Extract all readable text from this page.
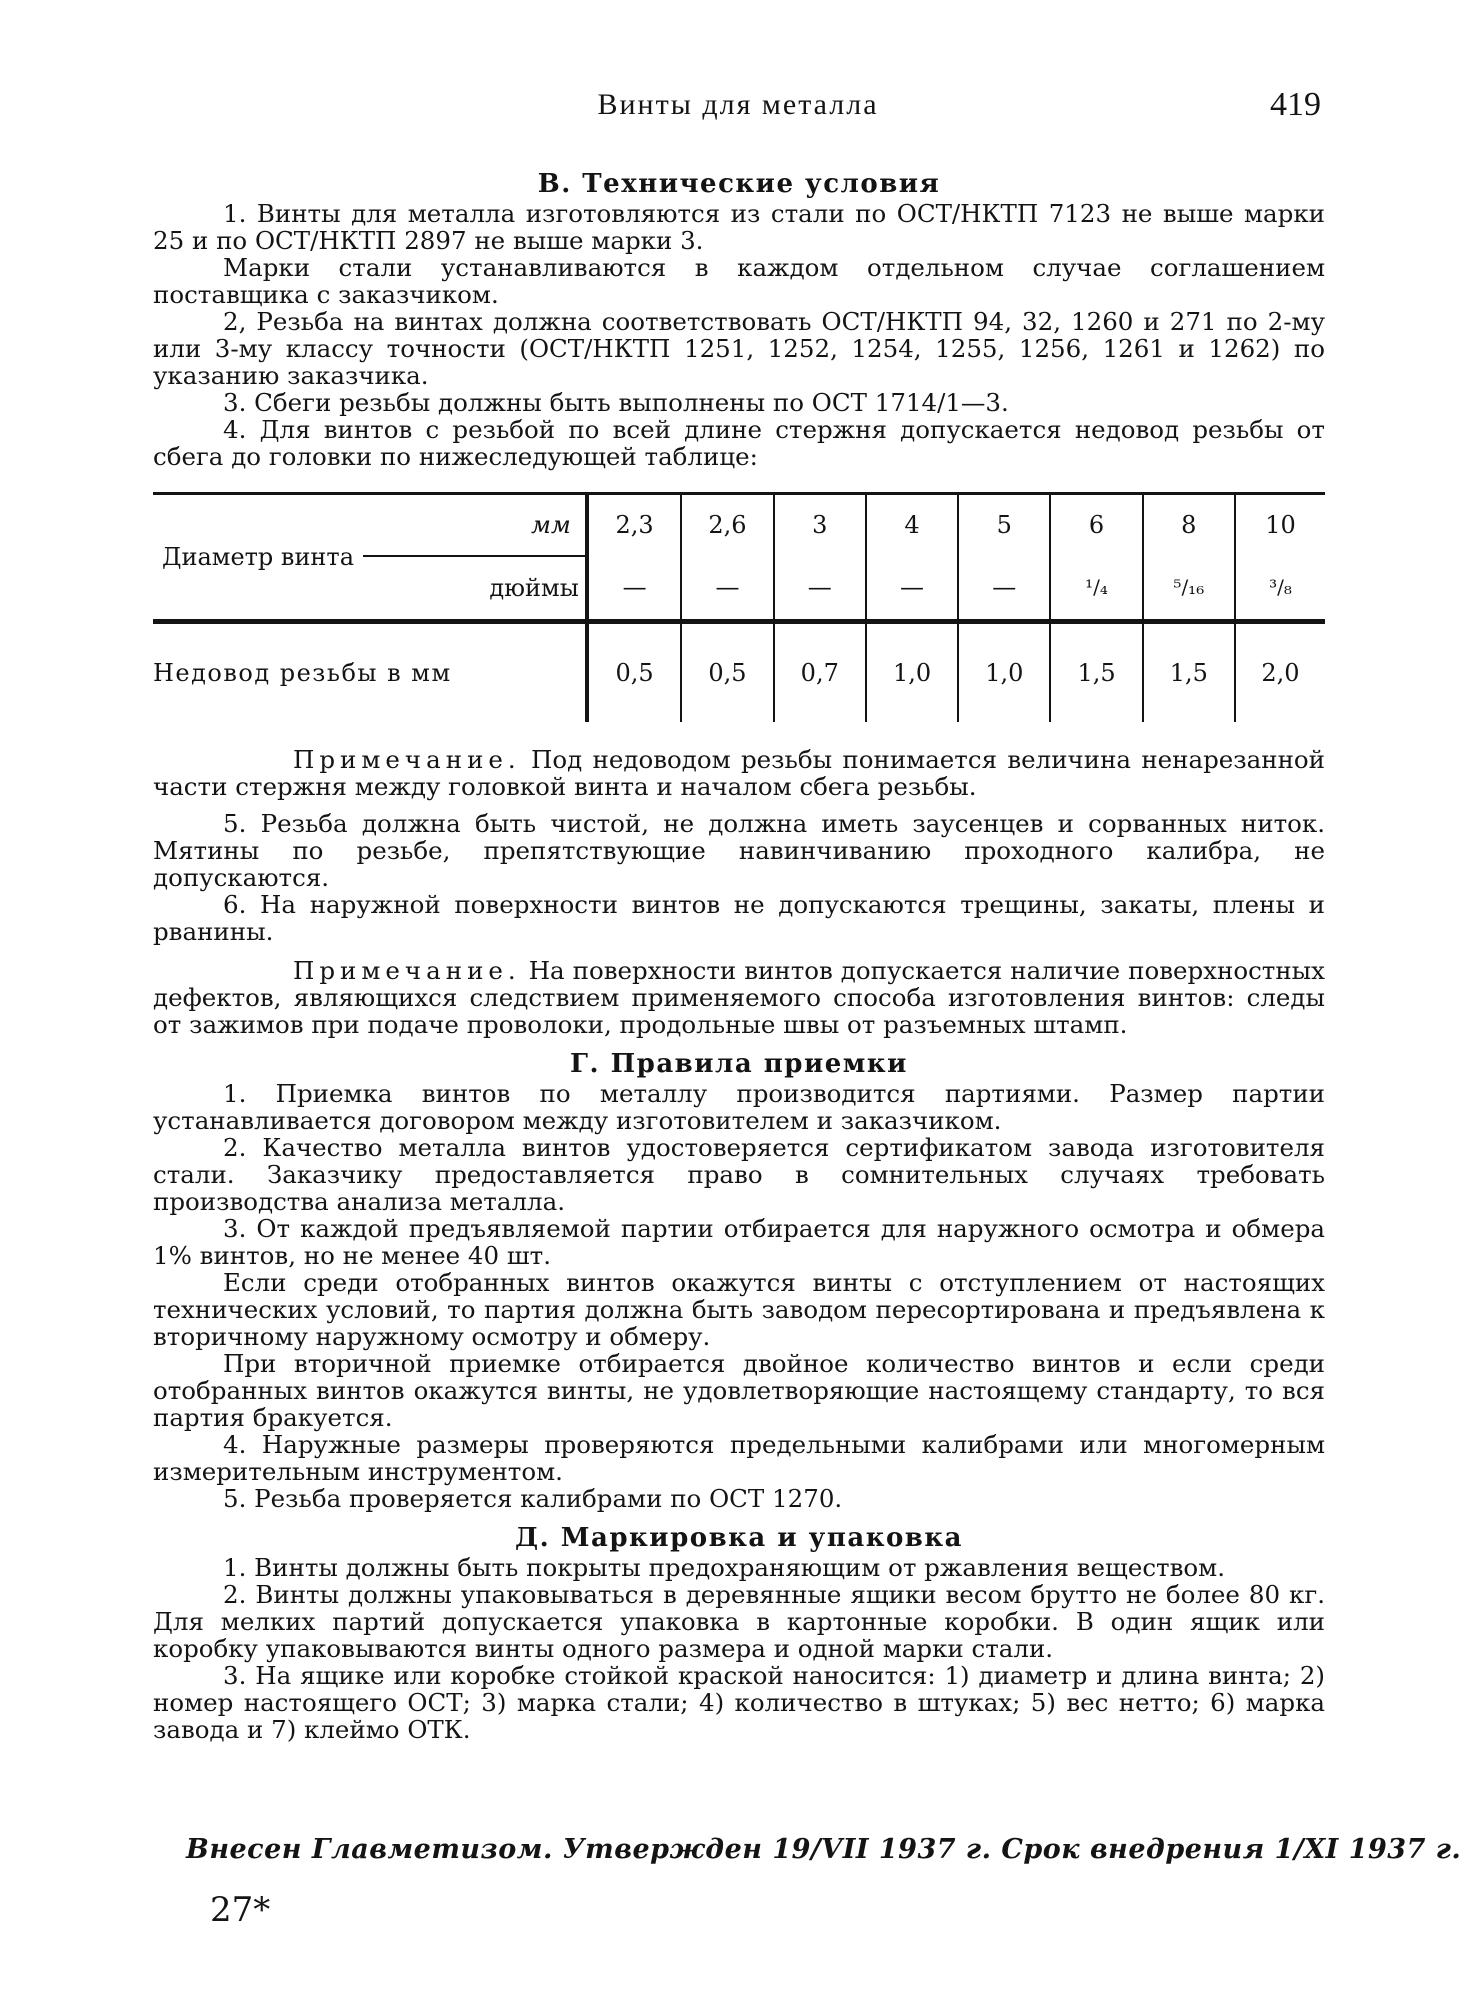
Винты для металла	419
В. Технические условия

1. Винты для металла изготовляются из стали по ОСТ/НКТП 7123 не выше марки 25 и по ОСТ/НКТП 2897 не выше марки 3.

Марки стали устанавливаются в каждом отдельном случае соглашением поставщика с заказчиком.

2, Резьба на винтах должна соответствовать ОСТ/НКТП 94, 32, 1260 и 271 по 2-му или 3-му классу точности (ОСТ/НКТП 1251, 1252, 1254, 1255, 1256, 1261 и 1262) по указанию заказчика.

3. Сбеги резьбы должны быть выполнены по ОСТ 1714/1—3.

4. Для винтов с резьбой по всей длине стержня допускается недовод резьбы от сбега до головки по нижеследующей таблице:

Диаметр винта	мм	2,3	2,6	3	4	5	6	8	10
	дюймы	—	—	—	—	—	¹/₄	⁵/₁₆	³/₈
Недовод резьбы в мм		0,5	0,5	0,7	1,0	1,0	1,5	1,5	2,0

Примечание. Под недоводом резьбы понимается величина ненарезанной части стержня между головкой винта и началом сбега резьбы.

5. Резьба должна быть чистой, не должна иметь заусенцев и сорванных ниток. Мятины по резьбе, препятствующие навинчиванию проходного калибра, не допускаются.

6. На наружной поверхности винтов не допускаются трещины, закаты, плены и рванины.

Примечание. На поверхности винтов допускается наличие поверхностных дефектов, являющихся следствием применяемого способа изготовления винтов: следы от зажимов при подаче проволоки, продольные швы от разъемных штамп.

Г. Правила приемки

1. Приемка винтов по металлу производится партиями. Размер партии устанавливается договором между изготовителем и заказчиком.

2. Качество металла винтов удостоверяется сертификатом завода изготовителя стали. Заказчику предоставляется право в сомнительных случаях требовать производства анализа металла.

3. От каждой предъявляемой партии отбирается для наружного осмотра и обмера 1% винтов, но не менее 40 шт.

Если среди отобранных винтов окажутся винты с отступлением от настоящих технических условий, то партия должна быть заводом пересортирована и предъявлена к вторичному наружному осмотру и обмеру.

При вторичной приемке отбирается двойное количество винтов и если среди отобранных винтов окажутся винты, не удовлетворяющие настоящему стандарту, то вся партия бракуется.

4. Наружные размеры проверяются предельными калибрами или многомерным измерительным инструментом.

5. Резьба проверяется калибрами по ОСТ 1270.

Д. Маркировка и упаковка

1. Винты должны быть покрыты предохраняющим от ржавления веществом.

2. Винты должны упаковываться в деревянные ящики весом брутто не более 80 кг. Для мелких партий допускается упаковка в картонные коробки. В один ящик или коробку упаковываются винты одного размера и одной марки стали.

3. На ящике или коробке стойкой краской наносится: 1) диаметр и длина винта; 2) номер настоящего ОСТ; 3) марка стали; 4) количество в штуках; 5) вес нетто; 6) марка завода и 7) клеймо ОТК.

Внесен Главметизом. Утвержден 19/VII 1937 г. Срок внедрения 1/XI 1937 г.
27*
